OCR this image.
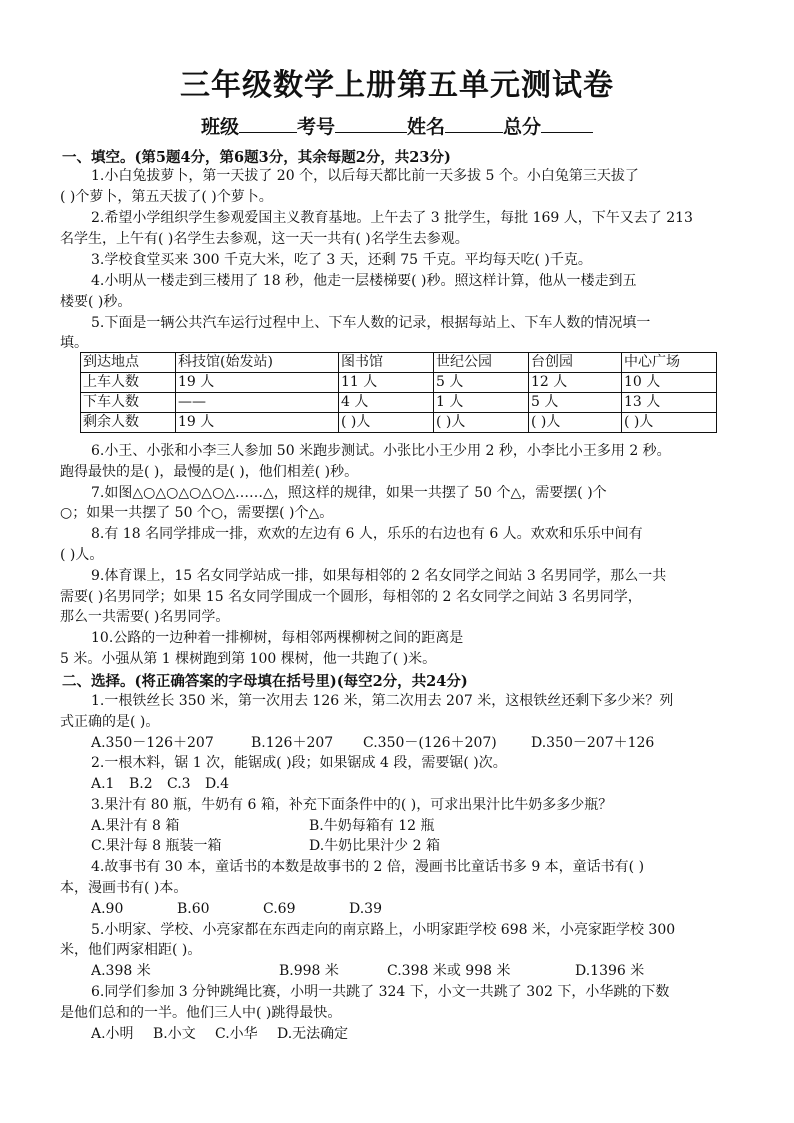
三年级数学上册第五单元测试卷
班级	考号	姓名	总分
一、填空。(第5题4分，第6题3分，其余每题2分，共23分)
1.小白兔拔萝卜，第一天拔了 20 个，以后每天都比前一天多拔 5 个。小白兔第三天拔了
( )个萝卜，第五天拔了( )个萝卜。
2.希望小学组织学生参观爱国主义教育基地。上午去了 3 批学生，每批 169 人，下午又去了 213
名学生，上午有( )名学生去参观，这一天一共有( )名学生去参观。
3.学校食堂买来 300 千克大米，吃了 3 天，还剩 75 千克。平均每天吃( )千克。
4.小明从一楼走到三楼用了 18 秒，他走一层楼梯要( )秒。照这样计算，他从一楼走到五
楼要( )秒。
5.下面是一辆公共汽车运行过程中上、下车人数的记录，根据每站上、下车人数的情况填一
填。
到达地点	科技馆(始发站)	图书馆	世纪公园	台创园	中心广场
上车人数	19 人	11 人	5 人	12 人	10 人
下车人数	——	4 人	1 人	5 人	13 人
剩余人数	19 人	( )人	( )人	( )人	( )人
6.小王、小张和小李三人参加 50 米跑步测试。小张比小王少用 2 秒，小李比小王多用 2 秒。
跑得最快的是( )，最慢的是( )，他们相差( )秒。
7.如图△○△○△○△○△……△，照这样的规律，如果一共摆了 50 个△，需要摆( )个
○；如果一共摆了 50 个○，需要摆( )个△。
8.有 18 名同学排成一排，欢欢的左边有 6 人，乐乐的右边也有 6 人。欢欢和乐乐中间有
( )人。
9.体育课上，15 名女同学站成一排，如果每相邻的 2 名女同学之间站 3 名男同学，那么一共
需要( )名男同学；如果 15 名女同学围成一个圆形，每相邻的 2 名女同学之间站 3 名男同学，
那么一共需要( )名男同学。
10.公路的一边种着一排柳树，每相邻两棵柳树之间的距离是
5 米。小强从第 1 棵树跑到第 100 棵树，他一共跑了( )米。
二、选择。(将正确答案的字母填在括号里)(每空2分，共24分)
1.一根铁丝长 350 米，第一次用去 126 米，第二次用去 207 米，这根铁丝还剩下多少米？列
式正确的是( )。
A.350－126＋207	B.126＋207 C.350－(126＋207) D.350－207＋126
2.一根木料，锯 1 次，能锯成( )段；如果锯成 4 段，需要锯( )次。
A.1 B.2 C.3 D.4
3.果汁有 80 瓶，牛奶有 6 箱，补充下面条件中的( )，可求出果汁比牛奶多多少瓶？
A.果汁有 8 箱	B.牛奶每箱有 12 瓶
C.果汁每 8 瓶装一箱	D.牛奶比果汁少 2 箱
4.故事书有 30 本，童话书的本数是故事书的 2 倍，漫画书比童话书多 9 本，童话书有( )
本，漫画书有( )本。
A.90	B.60	C.69	D.39
5.小明家、学校、小亮家都在东西走向的南京路上，小明家距学校 698 米，小亮家距学校 300
米，他们两家相距( )。
A.398 米	B.998 米	C.398 米或 998 米	D.1396 米
6.同学们参加 3 分钟跳绳比赛，小明一共跳了 324 下，小文一共跳了 302 下，小华跳的下数
是他们总和的一半。他们三人中( )跳得最快。
A.小明 B.小文 C.小华 D.无法确定
